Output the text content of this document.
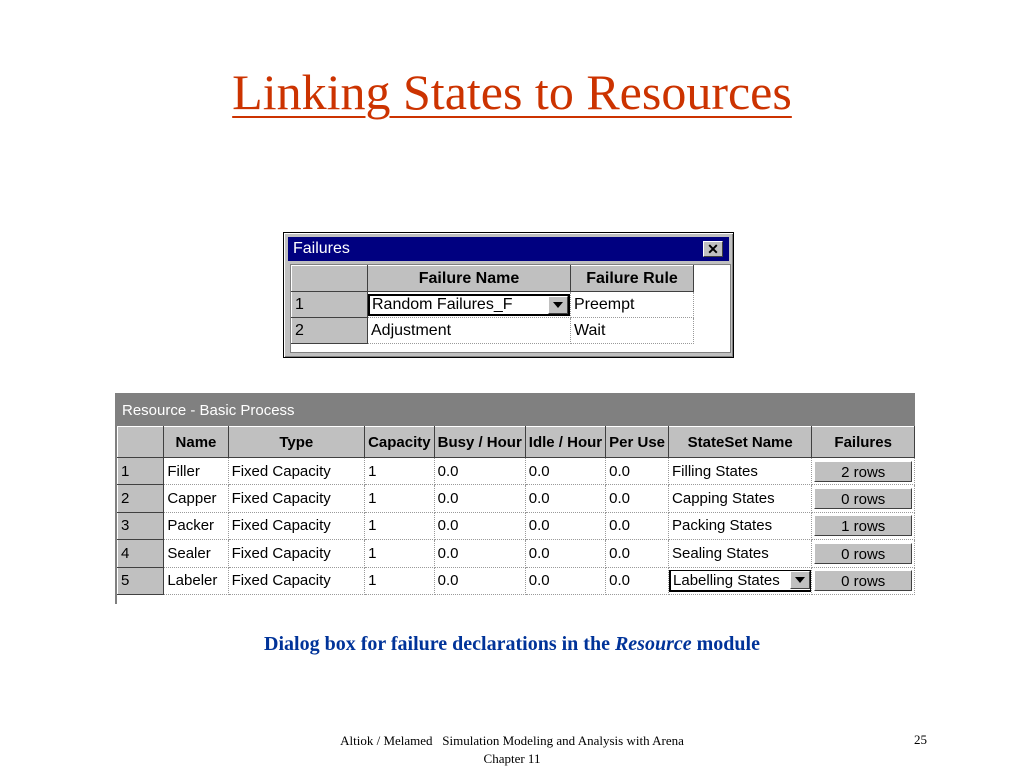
Linking States to Resources
Failures	✕
	Failure Name	Failure Rule
1	Random Failures_F	Preempt
2	Adjustment	Wait
Resource - Basic Process
	Name	Type	Capacity	Busy / Hour	Idle / Hour	Per Use	StateSet Name	Failures
1	Filler	Fixed Capacity	1	0.0	0.0	0.0	Filling States	2 rows

2	Capper	Fixed Capacity	1	0.0	0.0	0.0	Capping States	0 rows

3	Packer	Fixed Capacity	1	0.0	0.0	0.0	Packing States	1 rows

4	Sealer	Fixed Capacity	1	0.0	0.0	0.0	Sealing States	0 rows

5	Labeler	Fixed Capacity	1	0.0	0.0	0.0	Labelling States	0 rows
Dialog box for failure declarations in the Resource module
Altiok / Melamed   Simulation Modeling and Analysis with Arena
Chapter 11
25
